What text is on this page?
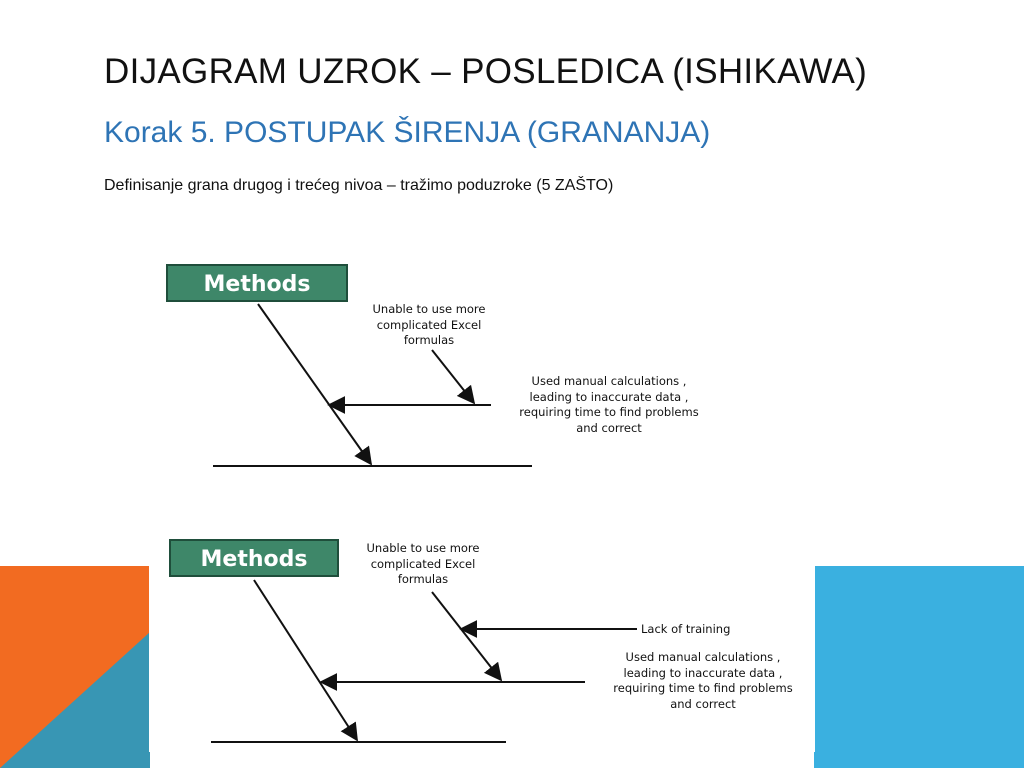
DIJAGRAM UZROK – POSLEDICA (ISHIKAWA)
Korak 5. POSTUPAK ŠIRENJA (GRANANJA)

Definisanje grana drugog i trećeg nivoa – tražimo poduzroke (5 ZAŠTO)

Methods

Unable to use more
complicated Excel
formulas

Used manual calculations ,
leading to inaccurate data ,
requiring time to find problems
and correct

Methods	Unable to use more
complicated Excel
formulas

Lack of training

Used manual calculations ,
leading to inaccurate data ,
requiring time to find problems
and correct
